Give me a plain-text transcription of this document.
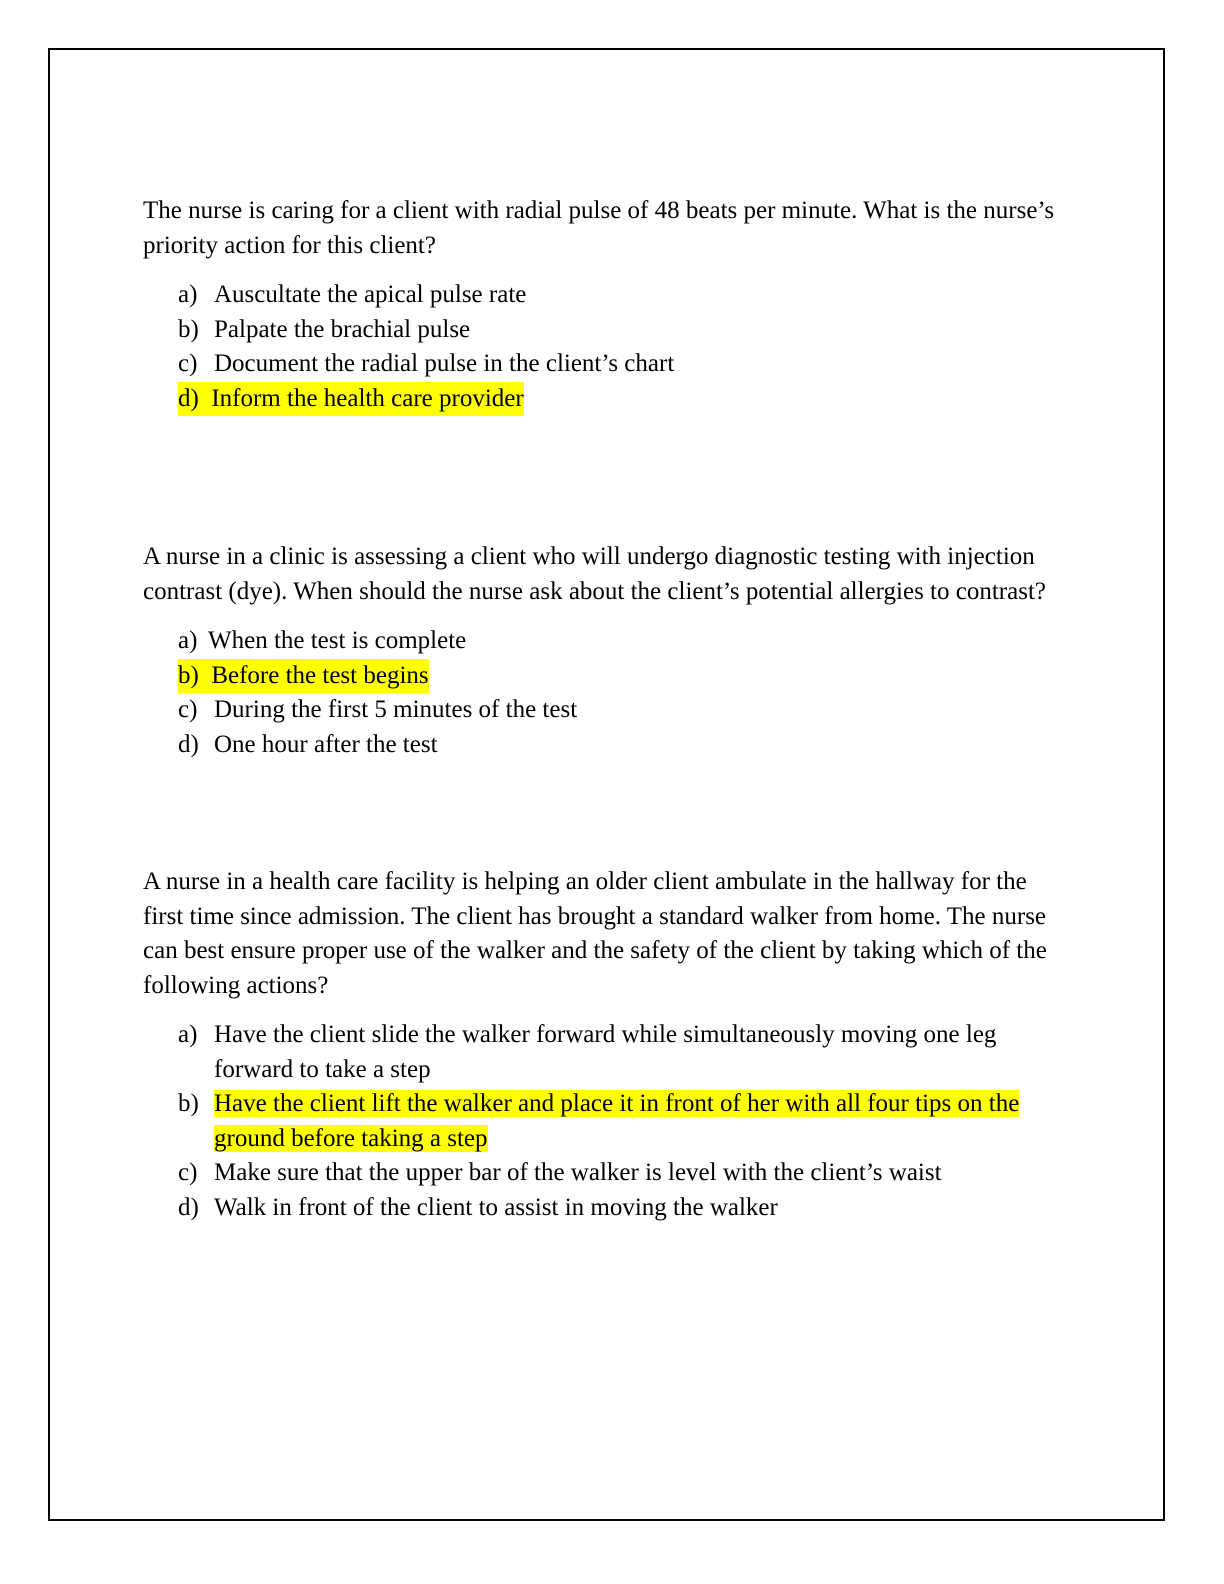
The nurse is caring for a client with radial pulse of 48 beats per minute. What is the nurse’s priority action for this client?

a) Auscultate the apical pulse rate
b) Palpate the brachial pulse
c) Document the radial pulse in the client’s chart
d) Inform the health care provider

A nurse in a clinic is assessing a client who will undergo diagnostic testing with injection contrast (dye). When should the nurse ask about the client’s potential allergies to contrast?

a) When the test is complete
b) Before the test begins

c) During the first 5 minutes of the test
d) One hour after the test

A nurse in a health care facility is helping an older client ambulate in the hallway for the first time since admission. The client has brought a standard walker from home. The nurse can best ensure proper use of the walker and the safety of the client by taking which of the following actions?

a) Have the client slide the walker forward while simultaneously moving one leg forward to take a step
b) Have the client lift the walker and place it in front of her with all four tips on the ground before taking a step
c) Make sure that the upper bar of the walker is level with the client’s waist
d) Walk in front of the client to assist in moving the walker
